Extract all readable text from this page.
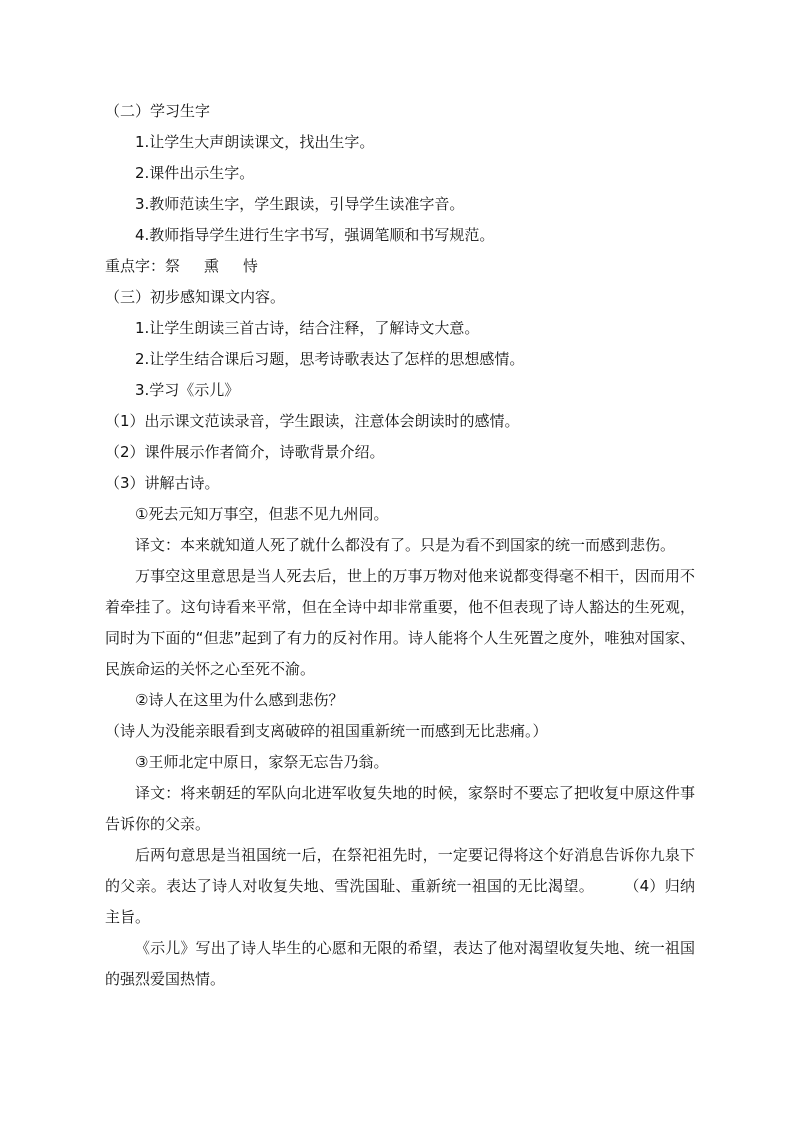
（二）学习生字
1.让学生大声朗读课文，找出生字。
2.课件出示生字。
3.教师范读生字，学生跟读，引导学生读准字音。
4.教师指导学生进行生字书写，强调笔顺和书写规范。
重点字：祭 熏 恃
（三）初步感知课文内容。
1.让学生朗读三首古诗，结合注释，了解诗文大意。
2.让学生结合课后习题，思考诗歌表达了怎样的思想感情。
3.学习《示儿》
（1）出示课文范读录音，学生跟读，注意体会朗读时的感情。
（2）课件展示作者简介，诗歌背景介绍。
（3）讲解古诗。
①死去元知万事空，但悲不见九州同。
译文：本来就知道人死了就什么都没有了。只是为看不到国家的统一而感到悲伤。
万事空这里意思是当人死去后，世上的万事万物对他来说都变得毫不相干，因而用不着牵挂了。这句诗看来平常，但在全诗中却非常重要，他不但表现了诗人豁达的生死观，同时为下面的“但悲”起到了有力的反衬作用。诗人能将个人生死置之度外，唯独对国家、民族命运的关怀之心至死不渝。
②诗人在这里为什么感到悲伤？
（诗人为没能亲眼看到支离破碎的祖国重新统一而感到无比悲痛。）
③王师北定中原日，家祭无忘告乃翁。
译文：将来朝廷的军队向北进军收复失地的时候，家祭时不要忘了把收复中原这件事告诉你的父亲。
后两句意思是当祖国统一后，在祭祀祖先时，一定要记得将这个好消息告诉你九泉下的父亲。表达了诗人对收复失地、雪洗国耻、重新统一祖国的无比渴望。 （4）归纳主旨。
《示儿》写出了诗人毕生的心愿和无限的希望，表达了他对渴望收复失地、统一祖国的强烈爱国热情。
